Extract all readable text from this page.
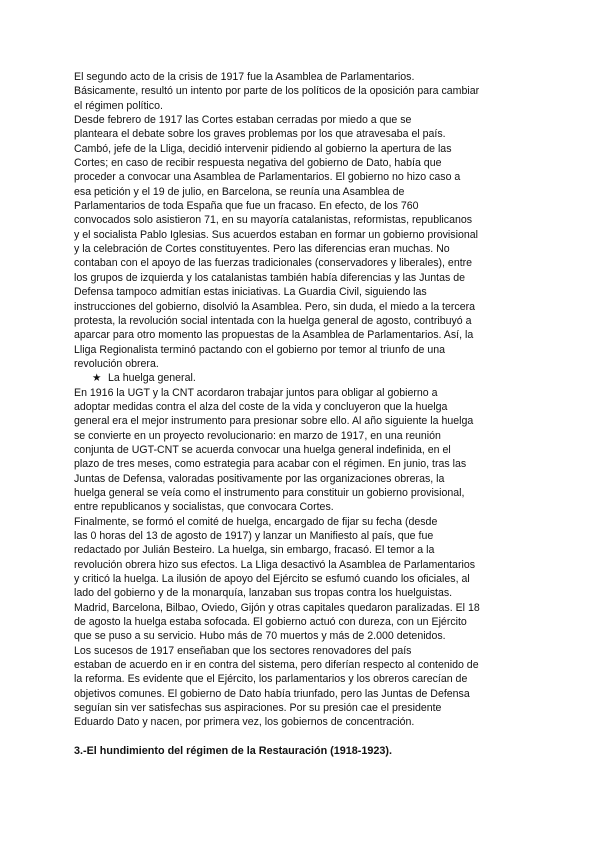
El segundo acto de la crisis de 1917 fue la Asamblea de Parlamentarios.
Básicamente, resultó un intento por parte de los políticos de la oposición para cambiar
el régimen político.
Desde febrero de 1917 las Cortes estaban cerradas por miedo a que se
planteara el debate sobre los graves problemas por los que atravesaba el país.
Cambó, jefe de la Lliga, decidió intervenir pidiendo al gobierno la apertura de las
Cortes; en caso de recibir respuesta negativa del gobierno de Dato, había que
proceder a convocar una Asamblea de Parlamentarios. El gobierno no hizo caso a
esa petición y el 19 de julio, en Barcelona, se reunía una Asamblea de
Parlamentarios de toda España que fue un fracaso. En efecto, de los 760
convocados solo asistieron 71, en su mayoría catalanistas, reformistas, republicanos
y el socialista Pablo Iglesias. Sus acuerdos estaban en formar un gobierno provisional
y la celebración de Cortes constituyentes. Pero las diferencias eran muchas. No
contaban con el apoyo de las fuerzas tradicionales (conservadores y liberales), entre
los grupos de izquierda y los catalanistas también había diferencias y las Juntas de
Defensa tampoco admitían estas iniciativas. La Guardia Civil, siguiendo las
instrucciones del gobierno, disolvió la Asamblea. Pero, sin duda, el miedo a la tercera
protesta, la revolución social intentada con la huelga general de agosto, contribuyó a
aparcar para otro momento las propuestas de la Asamblea de Parlamentarios. Así, la
Lliga Regionalista terminó pactando con el gobierno por temor al triunfo de una
revolución obrera.
★ La huelga general.
En 1916 la UGT y la CNT acordaron trabajar juntos para obligar al gobierno a
adoptar medidas contra el alza del coste de la vida y concluyeron que la huelga
general era el mejor instrumento para presionar sobre ello. Al año siguiente la huelga
se convierte en un proyecto revolucionario: en marzo de 1917, en una reunión
conjunta de UGT-CNT se acuerda convocar una huelga general indefinida, en el
plazo de tres meses, como estrategia para acabar con el régimen. En junio, tras las
Juntas de Defensa, valoradas positivamente por las organizaciones obreras, la
huelga general se veía como el instrumento para constituir un gobierno provisional,
entre republicanos y socialistas, que convocara Cortes.
Finalmente, se formó el comité de huelga, encargado de fijar su fecha (desde
las 0 horas del 13 de agosto de 1917) y lanzar un Manifiesto al país, que fue
redactado por Julián Besteiro. La huelga, sin embargo, fracasó. El temor a la
revolución obrera hizo sus efectos. La Lliga desactivó la Asamblea de Parlamentarios
y criticó la huelga. La ilusión de apoyo del Ejército se esfumó cuando los oficiales, al
lado del gobierno y de la monarquía, lanzaban sus tropas contra los huelguistas.
Madrid, Barcelona, Bilbao, Oviedo, Gijón y otras capitales quedaron paralizadas. El 18
de agosto la huelga estaba sofocada. El gobierno actuó con dureza, con un Ejército
que se puso a su servicio. Hubo más de 70 muertos y más de 2.000 detenidos.
Los sucesos de 1917 enseñaban que los sectores renovadores del país
estaban de acuerdo en ir en contra del sistema, pero diferían respecto al contenido de
la reforma. Es evidente que el Ejército, los parlamentarios y los obreros carecían de
objetivos comunes. El gobierno de Dato había triunfado, pero las Juntas de Defensa
seguían sin ver satisfechas sus aspiraciones. Por su presión cae el presidente
Eduardo Dato y nacen, por primera vez, los gobiernos de concentración.
3.-El hundimiento del régimen de la Restauración (1918-1923).
